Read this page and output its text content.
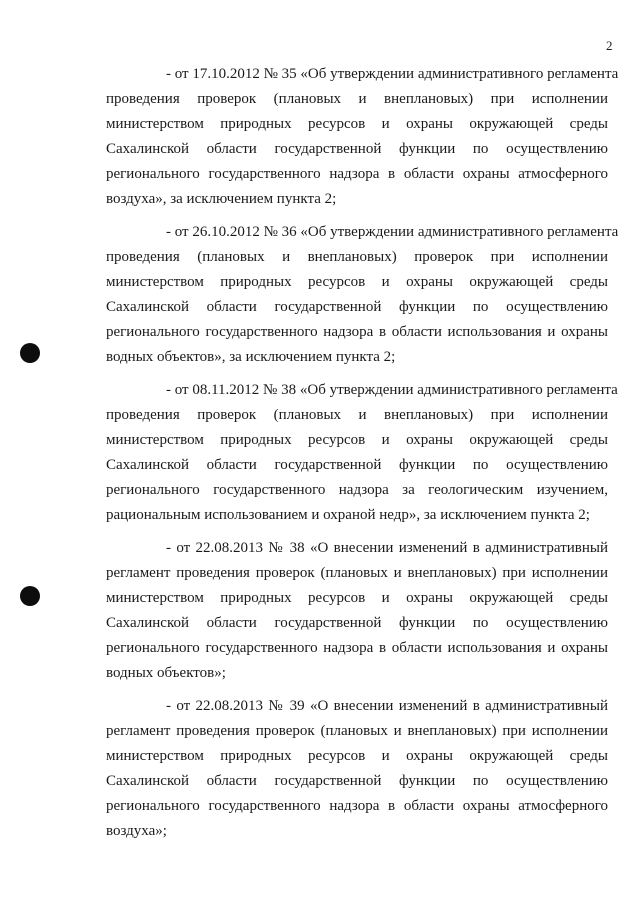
2
- от 17.10.2012 № 35 «Об утверждении административного регламента
проведения проверок (плановых и внеплановых) при исполнении
министерством природных ресурсов и охраны окружающей среды
Сахалинской области государственной функции по осуществлению
регионального государственного надзора в области охраны атмосферного
воздуха», за исключением пункта 2;
- от 26.10.2012 № 36 «Об утверждении административного регламента
проведения (плановых и внеплановых) проверок при исполнении
министерством природных ресурсов и охраны окружающей среды
Сахалинской области государственной функции по осуществлению
регионального государственного надзора в области использования и охраны
водных объектов», за исключением пункта 2;
- от 08.11.2012 № 38 «Об утверждении административного регламента
проведения проверок (плановых и внеплановых) при исполнении
министерством природных ресурсов и охраны окружающей среды
Сахалинской области государственной функции по осуществлению
регионального государственного надзора за геологическим изучением,
рациональным использованием и охраной недр», за исключением пункта 2;
- от 22.08.2013 № 38 «О внесении изменений в административный
регламент проведения проверок (плановых и внеплановых) при исполнении
министерством природных ресурсов и охраны окружающей среды
Сахалинской области государственной функции по осуществлению
регионального государственного надзора в области использования и охраны
водных объектов»;
- от 22.08.2013 № 39 «О внесении изменений в административный
регламент проведения проверок (плановых и внеплановых) при исполнении
министерством природных ресурсов и охраны окружающей среды
Сахалинской области государственной функции по осуществлению
регионального государственного надзора в области охраны атмосферного
воздуха»;
